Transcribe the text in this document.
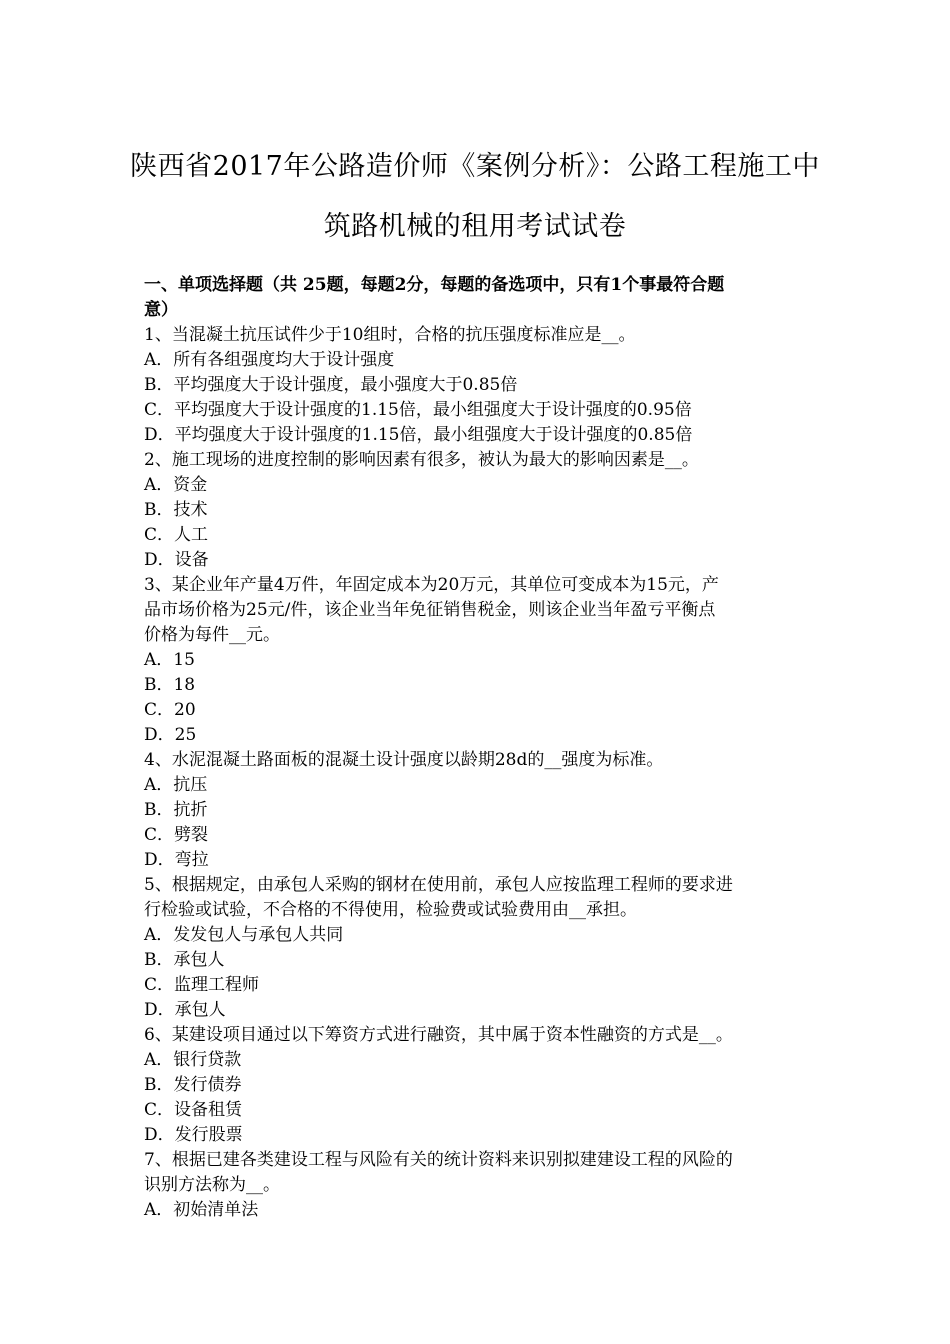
陕西省2017年公路造价师《案例分析》：公路工程施工中
筑路机械的租用考试试卷

一、单项选择题（共 25题，每题2分，每题的备选项中，只有1个事最符合题

意）

1、当混凝土抗压试件少于10组时，合格的抗压强度标准应是__。

A．所有各组强度均大于设计强度

B．平均强度大于设计强度，最小强度大于0.85倍

C．平均强度大于设计强度的1.15倍，最小组强度大于设计强度的0.95倍

D．平均强度大于设计强度的1.15倍，最小组强度大于设计强度的0.85倍

2、施工现场的进度控制的影响因素有很多，被认为最大的影响因素是__。

A．资金

B．技术

C．人工

D．设备

3、某企业年产量4万件，年固定成本为20万元，其单位可变成本为15元，产

品市场价格为25元/件，该企业当年免征销售税金，则该企业当年盈亏平衡点

价格为每件__元。

A．15

B．18

C．20

D．25

4、水泥混凝土路面板的混凝土设计强度以龄期28d的__强度为标准。

A．抗压

B．抗折

C．劈裂

D．弯拉

5、根据规定，由承包人采购的钢材在使用前，承包人应按监理工程师的要求进

行检验或试验，不合格的不得使用，检验费或试验费用由__承担。

A．发发包人与承包人共同

B．承包人

C．监理工程师

D．承包人

6、某建设项目通过以下筹资方式进行融资，其中属于资本性融资的方式是__。

A．银行贷款

B．发行债券

C．设备租赁

D．发行股票

7、根据已建各类建设工程与风险有关的统计资料来识别拟建建设工程的风险的

识别方法称为__。

A．初始清单法
